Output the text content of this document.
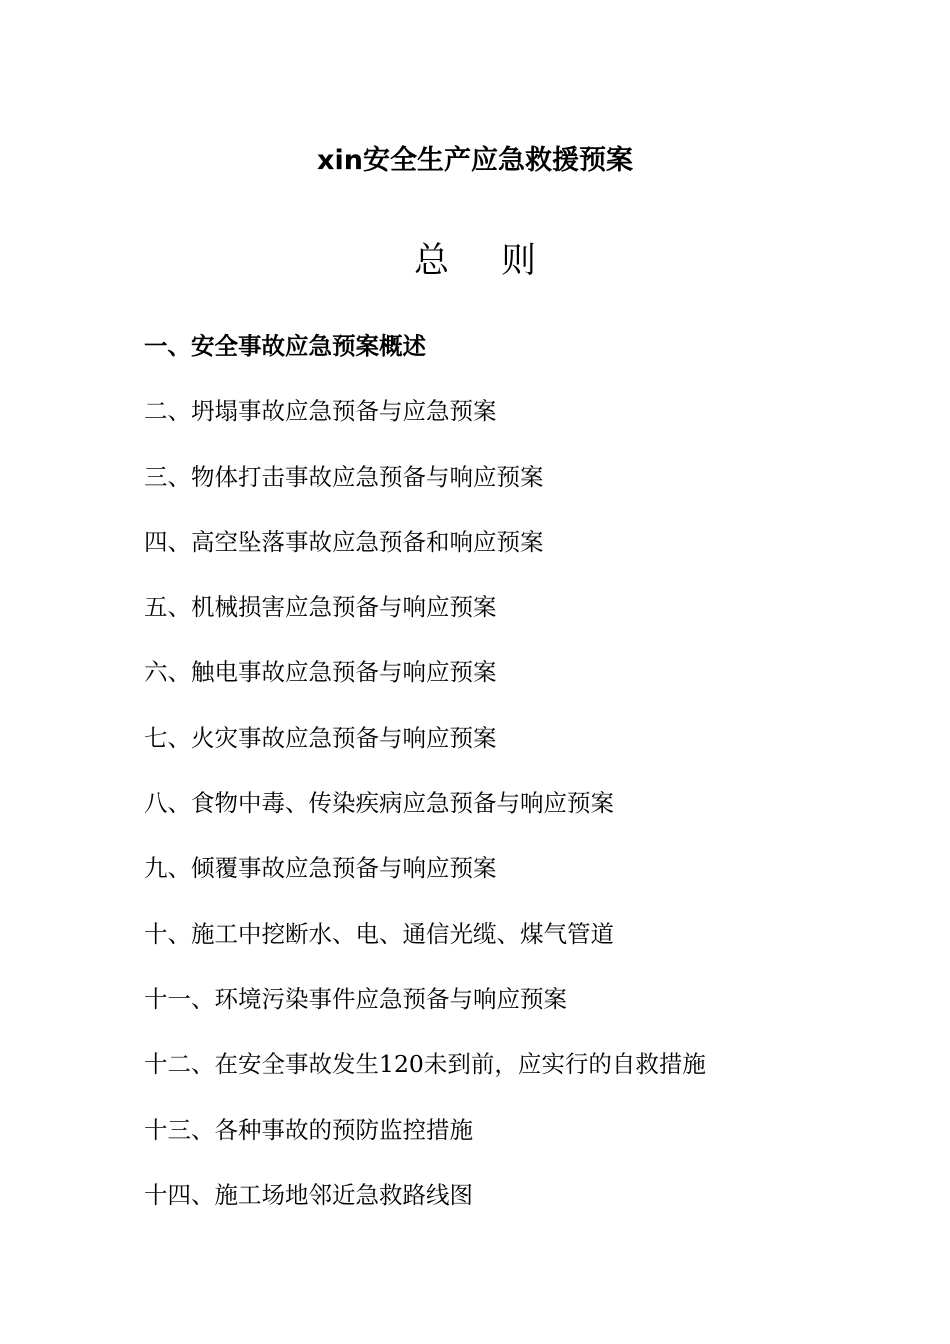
xin安全生产应急救援预案
总 则
一、安全事故应急预案概述
二、坍塌事故应急预备与应急预案
三、物体打击事故应急预备与响应预案
四、高空坠落事故应急预备和响应预案
五、机械损害应急预备与响应预案
六、触电事故应急预备与响应预案
七、火灾事故应急预备与响应预案
八、食物中毒、传染疾病应急预备与响应预案
九、倾覆事故应急预备与响应预案
十、施工中挖断水、电、通信光缆、煤气管道
十一、环境污染事件应急预备与响应预案
十二、在安全事故发生120未到前，应实行的自救措施
十三、各种事故的预防监控措施
十四、施工场地邻近急救路线图
